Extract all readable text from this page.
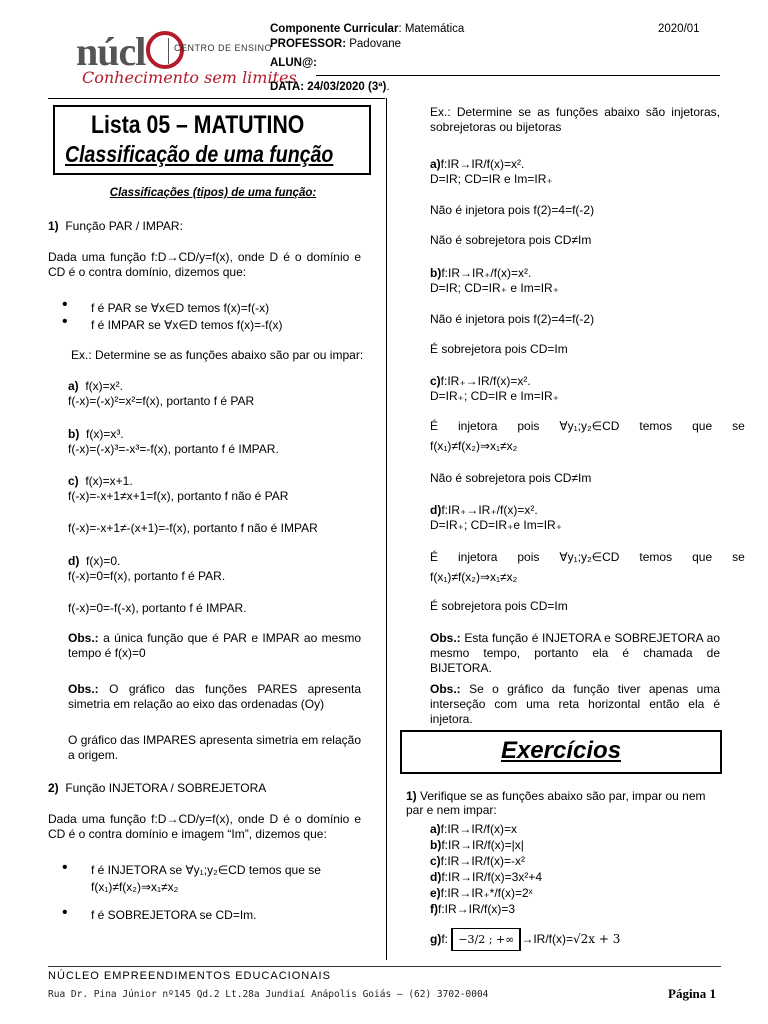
núcl	CENTRO DE ENSINO
Conhecimento sem limites
Componente Curricular: Matemática	2020/01
PROFESSOR: Padovane
ALUN@:
DATA: 24/03/2020 (3ª).
Lista 05 – MATUTINO
Classificação de uma função
Classificações (tipos) de uma função:
1) Função PAR / IMPAR:

Dada uma função f:D→CD/y=f(x), onde D é o domínio e CD é o contra domínio, dizemos que:

• f é PAR se ∀x∈D temos f(x)=f(-x)
• f é IMPAR se ∀x∈D temos f(x)=-f(x)
Ex.: Determine se as funções abaixo são par ou impar:
a) f(x)=x².
f(-x)=(-x)²=x²=f(x), portanto f é PAR
b) f(x)=x³.
f(-x)=(-x)³=-x³=-f(x), portanto f é IMPAR.
c) f(x)=x+1.
f(-x)=-x+1≠x+1=f(x), portanto f não é PAR
f(-x)=-x+1≠-(x+1)=-f(x), portanto f não é IMPAR
d) f(x)=0.
f(-x)=0=f(x), portanto f é PAR.
f(-x)=0=-f(-x), portanto f é IMPAR.

Obs.: a única função que é PAR e IMPAR ao mesmo tempo é f(x)=0

Obs.: O gráfico das funções PARES apresenta simetria em relação ao eixo das ordenadas (Oy)

O gráfico das IMPARES apresenta simetria em relação a origem.

2) Função INJETORA / SOBREJETORA

Dada uma função f:D→CD/y=f(x), onde D é o domínio e CD é o contra domínio e imagem “Im”, dizemos que:

• f é INJETORA se ∀y₁;y₂∈CD temos que se
f(x₁)≠f(x₂)⇒x₁≠x₂
• f é SOBREJETORA se CD=Im.

Ex.: Determine se as funções abaixo são injetoras, sobrejetoras ou bijetoras

a)f:IR→IR/f(x)=x².
D=IR; CD=IR e Im=IR₊
Não é injetora pois f(2)=4=f(-2)
Não é sobrejetora pois CD≠Im
b)f:IR→IR₊/f(x)=x².
D=IR; CD=IR₊ e Im=IR₊
Não é injetora pois f(2)=4=f(-2)
É sobrejetora pois CD=Im
c)f:IR₊→IR/f(x)=x².
D=IR₊; CD=IR e Im=IR₊
É      injetora      pois      ∀y₁;y₂∈CD      temos      que      se
f(x₁)≠f(x₂)⇒x₁≠x₂
Não é sobrejetora pois CD≠Im
d)f:IR₊→IR₊/f(x)=x².
D=IR₊; CD=IR₊e Im=IR₊
É      injetora      pois      ∀y₁;y₂∈CD      temos      que      se
f(x₁)≠f(x₂)⇒x₁≠x₂
É sobrejetora pois CD=Im

Obs.: Esta função é INJETORA e SOBREJETORA ao mesmo tempo, portanto ela é chamada de BIJETORA.

Obs.: Se o gráfico da função tiver apenas uma interseção com uma reta horizontal então ela é injetora.

Exercícios

1) Verifique se as funções abaixo são par, impar ou nem par e nem impar:

a)f:IR→IR/f(x)=x
b)f:IR→IR/f(x)=|x|
c)f:IR→IR/f(x)=-x²
d)f:IR→IR/f(x)=3x²+4
e)f:IR→IR₊*/f(x)=2ˣ
f)f:IR→IR/f(x)=3
g)f: −3/2 ; +∞ →IR/f(x)=√2x + 3
NÚCLEO EMPREENDIMENTOS EDUCACIONAIS
Rua Dr. Pina Júnior nº145 Qd.2 Lt.28a Jundiaí Anápolis Goiás – (62) 3702-0004	Página 1
